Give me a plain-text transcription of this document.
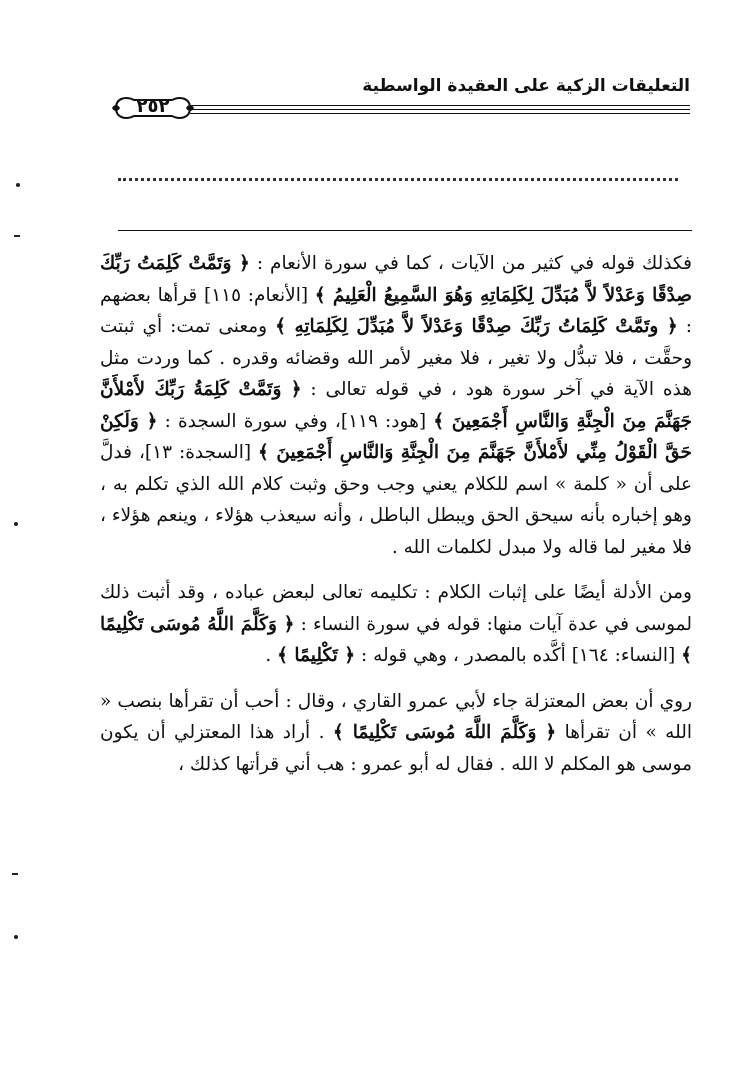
التعليقات الزكية على العقيدة الواسطية
٢٥٢

فكذلك قوله في كثير من الآيات ، كما في سورة الأنعام : ﴿ وَتَمَّتْ كَلِمَتُ رَبِّكَ صِدْقًا وَعَدْلاً لاَّ مُبَدِّلَ لِكَلِمَاتِهِ وَهُوَ السَّمِيعُ الْعَلِيمُ ﴾ [الأنعام: ١١٥] قرأها بعضهم : ﴿ وتَمَّتْ كَلِمَاتُ رَبِّكَ صِدْقًا وَعَدْلاً لاَّ مُبَدِّلَ لِكَلِمَاتِهِ ﴾ ومعنى تمت: أي ثبتت وحقَّت ، فلا تبدُّل ولا تغير ، فلا مغير لأمر الله وقضائه وقدره . كما وردت مثل هذه الآية في آخر سورة هود ، في قوله تعالى : ﴿ وَتَمَّتْ كَلِمَةُ رَبِّكَ لأَمْلأَنَّ جَهَنَّمَ مِنَ الْجِنَّةِ وَالنَّاسِ أَجْمَعِينَ ﴾ [هود: ١١٩]، وفي سورة السجدة : ﴿ وَلَكِنْ حَقَّ الْقَوْلُ مِنِّي لأَمْلأَنَّ جَهَنَّمَ مِنَ الْجِنَّةِ وَالنَّاسِ أَجْمَعِينَ ﴾ [السجدة: ١٣]، فدلَّ على أن « كلمة » اسم للكلام يعني وجب وحق وثبت كلام الله الذي تكلم به ، وهو إخباره بأنه سيحق الحق ويبطل الباطل ، وأنه سيعذب هؤلاء ، وينعم هؤلاء ، فلا مغير لما قاله ولا مبدل لكلمات الله .

ومن الأدلة أيضًا على إثبات الكلام : تكليمه تعالى لبعض عباده ، وقد أثبت ذلك لموسى في عدة آيات منها: قوله في سورة النساء : ﴿ وَكَلَّمَ اللَّهُ مُوسَى تَكْلِيمًا ﴾ [النساء: ١٦٤] أكَّده بالمصدر ، وهي قوله : ﴿ تَكْلِيمًا ﴾ .

روي أن بعض المعتزلة جاء لأبي عمرو القاري ، وقال : أحب أن تقرأها بنصب « الله » أن تقرأها ﴿ وَكَلَّمَ اللَّهَ مُوسَى تَكْلِيمًا ﴾ . أراد هذا المعتزلي أن يكون موسى هو المكلم لا الله . فقال له أبو عمرو : هب أني قرأتها كذلك ،
